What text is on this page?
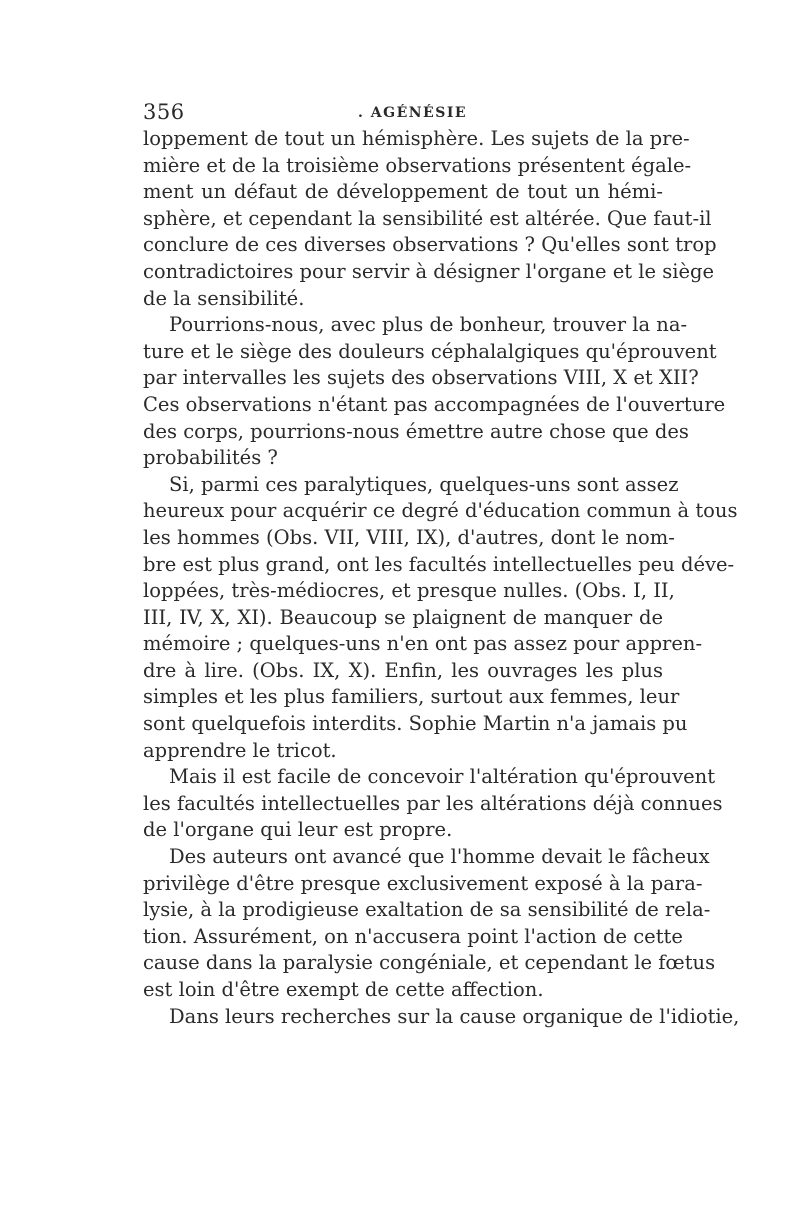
356	. AGÉNÉSIE
loppement de tout un hémisphère. Les sujets de la pre-
mière et de la troisième observations présentent égale-
ment un défaut de développement de tout un hémi-
sphère, et cependant la sensibilité est altérée. Que faut-il
conclure de ces diverses observations ? Qu'elles sont trop
contradictoires pour servir à désigner l'organe et le siège
de la sensibilité.
Pourrions-nous, avec plus de bonheur, trouver la na-
ture et le siège des douleurs céphalalgiques qu'éprouvent
par intervalles les sujets des observations VIII, X et XII?
Ces observations n'étant pas accompagnées de l'ouverture
des corps, pourrions-nous émettre autre chose que des
probabilités ?
Si, parmi ces paralytiques, quelques-uns sont assez
heureux pour acquérir ce degré d'éducation commun à tous
les hommes (Obs. VII, VIII, IX), d'autres, dont le nom-
bre est plus grand, ont les facultés intellectuelles peu déve-
loppées, très-médiocres, et presque nulles. (Obs. I, II,
III, IV, X, XI). Beaucoup se plaignent de manquer de
mémoire ; quelques-uns n'en ont pas assez pour appren-
dre à lire. (Obs. IX, X). Enfin, les ouvrages les plus
simples et les plus familiers, surtout aux femmes, leur
sont quelquefois interdits. Sophie Martin n'a jamais pu
apprendre le tricot.
Mais il est facile de concevoir l'altération qu'éprouvent
les facultés intellectuelles par les altérations déjà connues
de l'organe qui leur est propre.
Des auteurs ont avancé que l'homme devait le fâcheux
privilège d'être presque exclusivement exposé à la para-
lysie, à la prodigieuse exaltation de sa sensibilité de rela-
tion. Assurément, on n'accusera point l'action de cette
cause dans la paralysie congéniale, et cependant le fœtus
est loin d'être exempt de cette affection.
Dans leurs recherches sur la cause organique de l'idiotie,
